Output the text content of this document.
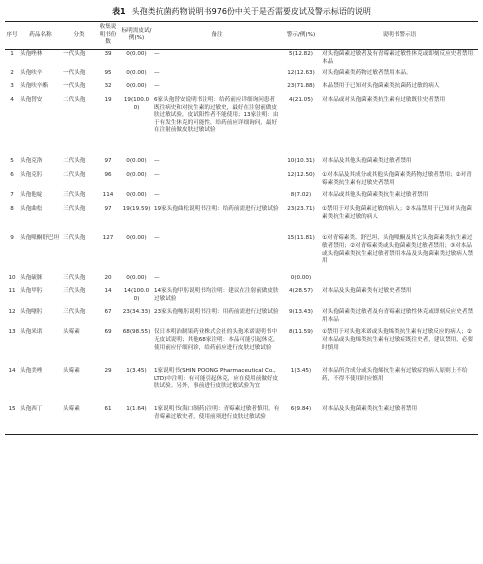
表1 头孢类抗菌药物说明书976份中关于是否需要皮试及警示标语的说明
序号	药品名称	分类	收集说明书份数	标明需皮试/例(%)	备注	警示/例(%)	说明书警示语
1	头孢唑林	一代头孢	39	0(0.00)	—	5(12.82)	对头孢菌素过敏者及有青霉素过敏性休克或即刻反应史者禁用本品
2	头孢呋辛	一代头孢	95	0(0.00)	—	12(12.63)	对头孢菌素类药物过敏者禁用本品。
3	头孢呋辛酯	一代头孢	32	0(0.00)	—	23(71.88)	本品禁用于已知对头孢菌素类抗菌药过敏的病人
4	头孢替安	二代头孢	19	19(100.00)	6家头孢替安说明书注明：给药前应详细询问患者既往病史和对抗生素的过敏史，最好在注射前做皮肤过敏试验，皮试阳性者不能使用；13家注明：由于有发生休克的可能性，给药前应详细询问，最好在注射前做皮肤过敏试验	4(21.05)	对本品或对头孢菌素类抗生素有过敏既往史者禁用
5	头孢克洛	二代头孢	97	0(0.00)	—	10(10.31)	对本品及其他头孢菌素类过敏者禁用
6	头孢克肟	二代头孢	96	0(0.00)	—	12(12.50)	①对本品及其成分或其他头孢菌素类药物过敏者禁用；②对青霉素类抗生素有过敏史者禁用
7	头孢他啶	三代头孢	114	0(0.00)	—	8(7.02)	对本品或其他头孢菌素类抗生素过敏者禁用
8	头孢曲松	三代头孢	97	19(19.59)	19家头孢曲松说明书注明：给药前需进行过敏试验	23(23.71)	①禁用于对头孢菌素过敏的病人；②本品禁用于已知对头孢菌素类抗生素过敏的病人
9	头孢哌酮舒巴坦	三代头孢	127	0(0.00)	—	15(11.81)	①对青霉素类、舒巴坦、头孢哌酮及其它头孢菌素类抗生素过敏者禁用；②对青霉素类或头孢菌素类过敏者禁用；③对本品或头孢菌素类抗生素过敏者禁用本品及头孢菌素类过敏病人禁用
10	头孢硫脒	三代头孢	20	0(0.00)	—	0(0.00)	
11	头孢甲肟	三代头孢	14	14(100.00)	14家头孢甲肟说明书均注明：建议在注射前做皮肤过敏试验	4(28.57)	对本品及头孢菌素类有过敏史者禁用
12	头孢噻肟	三代头孢	67	23(34.33)	23家头孢噻肟说明书注明：用药前需进行过敏试验	9(13.43)	对头孢菌素类过敏者及有青霉素过敏性休克或即刻反应史者禁用本品
13	头孢米诺	头霉素	69	68(98.55)	仅日本明治制果药业株式会社的头孢米诺说明书中无皮试说明；其他68家注明：本品可能引起休克，使用前应仔细问诊，给药前应进行皮肤过敏试验	8(11.59)	①禁用于对头孢米诺或头孢烯类抗生素有过敏反应的病人；②对本品或头孢烯类抗生素有过敏症既往史者，建议禁用，必要时慎用
14	头孢美唑	头霉素	29	1(3.45)	1家说明书(SHIN POONG Pharmaceutical Co., LTD)中注明：有可能引起休克，应在使用前做好皮肤试验。另外，事前进行皮肤过敏试验为宜	1(3.45)	对本品所含成分或头孢烯抗生素有过敏症的病人原则上不给药，不得不使用时应慎用
15	头孢西丁	头霉素	61	1(1.64)	1家说明书(海口制药)注明：青霉素过敏者慎用。有青霉素过敏史者，使用前须进行皮肤过敏试验	6(9.84)	对本品及头孢菌素类抗生素过敏者禁用
